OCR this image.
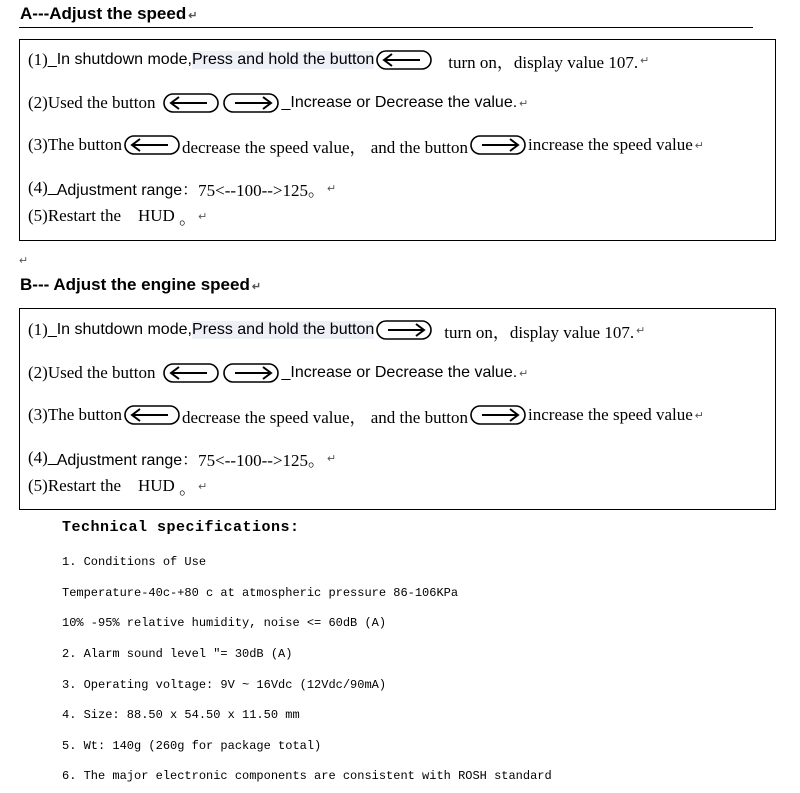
A---Adjust the speed ↵
(1) _ In shutdown mode, Press and hold the button	turn on，display value 107. ↵
(2) Used the button	_Increase or Decrease the value. ↵
(3) The button	decrease the speed value， and the button	increase the speed value ↵
(4) _ Adjustment range： 75<--100-->125。 ↵
(5) Restart the    HUD 。 ↵
↵
B--- Adjust the engine speed ↵
(1) _ In shutdown mode, Press and hold the button	turn on，display value 107. ↵
(2) Used the button	_Increase or Decrease the value. ↵
(3) The button	decrease the speed value， and the button	increase the speed value ↵
(4) _ Adjustment range： 75<--100-->125。 ↵
(5) Restart the    HUD 。 ↵
Technical specifications:
1. Conditions of Use
Temperature-40c-+80 c at atmospheric pressure 86-106KPa
10% -95% relative humidity, noise <= 60dB (A)
2. Alarm sound level "= 30dB (A)
3. Operating voltage: 9V ~ 16Vdc (12Vdc/90mA)
4. Size: 88.50 x 54.50 x 11.50 mm
5. Wt: 140g (260g for package total)
6. The major electronic components are consistent with ROSH standard
